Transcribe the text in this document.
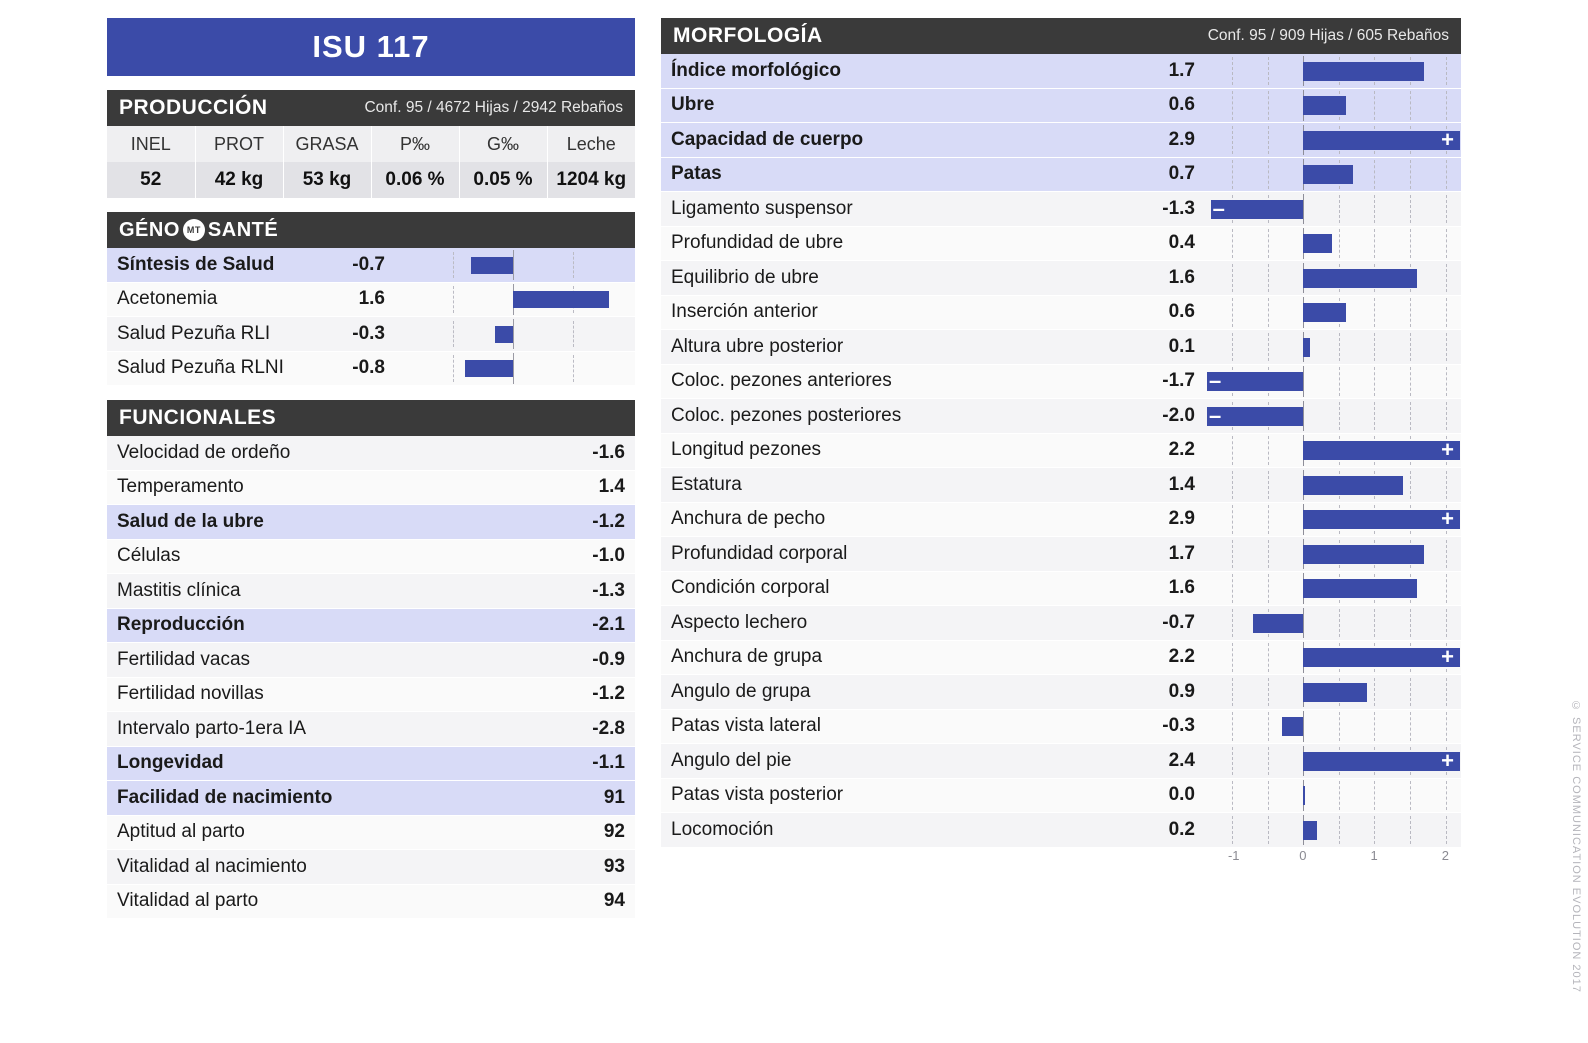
ISU 117
PRODUCCIÓN	Conf. 95 / 4672 Hijas / 2942 Rebaños
INEL	PROT	GRASA	P‰	G‰	Leche
52	42 kg	53 kg	0.06 %	0.05 %	1204 kg
GÉNO MT SANTÉ
Síntesis de Salud	-0.7
Acetonemia	1.6
Salud Pezuña RLI	-0.3
Salud Pezuña RLNI	-0.8
FUNCIONALES
Velocidad de ordeño	-1.6
Temperamento	1.4
Salud de la ubre	-1.2
Células	-1.0
Mastitis clínica	-1.3
Reproducción	-2.1
Fertilidad vacas	-0.9
Fertilidad novillas	-1.2
Intervalo parto-1era IA	-2.8
Longevidad	-1.1
Facilidad de nacimiento	91
Aptitud al parto	92
Vitalidad al nacimiento	93
Vitalidad al parto	94
MORFOLOGÍA	Conf. 95 / 909 Hijas / 605 Rebaños
Índice morfológico	1.7
Ubre	0.6
Capacidad de cuerpo	2.9	+
Patas	0.7
Ligamento suspensor	-1.3 –
Profundidad de ubre	0.4
Equilibrio de ubre	1.6
Inserción anterior	0.6
Altura ubre posterior	0.1
Coloc. pezones anteriores	-1.7 –
Coloc. pezones posteriores	-2.0 –
Longitud pezones	2.2	+
Estatura	1.4
Anchura de pecho	2.9	+
Profundidad corporal	1.7
Condición corporal	1.6
Aspecto lechero	-0.7
Anchura de grupa	2.2	+
Angulo de grupa	0.9
Patas vista lateral	-0.3
Angulo del pie	2.4	+
Patas vista posterior	0.0
Locomoción	0.2
-1	0	1	2	© SERVICE COMMUNICATION EVOLUTION 2017
